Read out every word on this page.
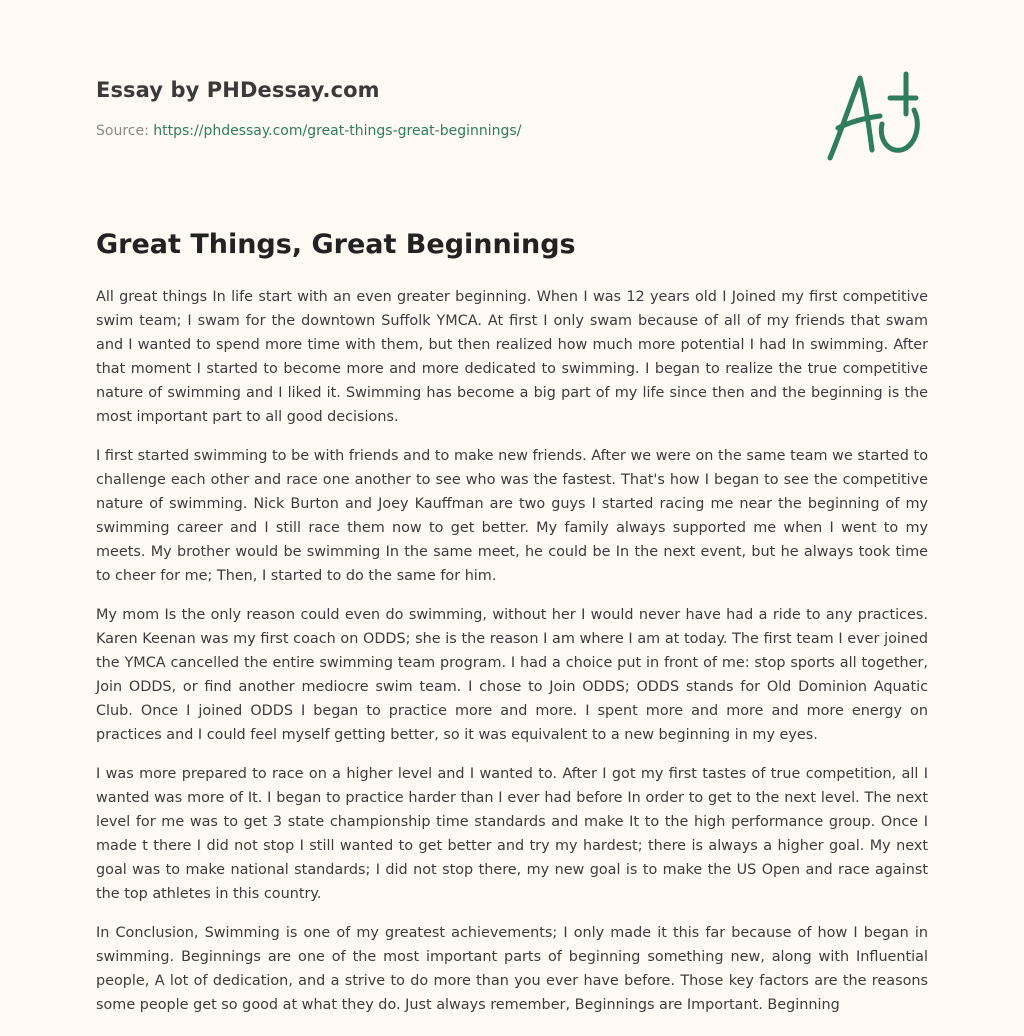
Essay by PHDessay.com

Source: https://phdessay.com/great-things-great-beginnings/
Great Things, Great Beginnings

All great things In life start with an even greater beginning. When I was 12 years old I Joined my first competitive swim team; I swam for the downtown Suffolk YMCA. At first I only swam because of all of my friends that swam and I wanted to spend more time with them, but then realized how much more potential I had In swimming. After that moment I started to become more and more dedicated to swimming. I began to realize the true competitive nature of swimming and I liked it. Swimming has become a big part of my life since then and the beginning is the most important part to all good decisions.

I first started swimming to be with friends and to make new friends. After we were on the same team we started to challenge each other and race one another to see who was the fastest. That's how I began to see the competitive nature of swimming. Nick Burton and Joey Kauffman are two guys I started racing me near the beginning of my swimming career and I still race them now to get better. My family always supported me when I went to my meets. My brother would be swimming In the same meet, he could be In the next event, but he always took time to cheer for me; Then, I started to do the same for him.

My mom Is the only reason could even do swimming, without her I would never have had a ride to any practices. Karen Keenan was my first coach on ODDS; she is the reason I am where I am at today. The first team I ever joined the YMCA cancelled the entire swimming team program. I had a choice put in front of me: stop sports all together, Join ODDS, or find another mediocre swim team. I chose to Join ODDS; ODDS stands for Old Dominion Aquatic Club. Once I joined ODDS I began to practice more and more. I spent more and more and more energy on practices and I could feel myself getting better, so it was equivalent to a new beginning in my eyes.

I was more prepared to race on a higher level and I wanted to. After I got my first tastes of true competition, all I wanted was more of It. I began to practice harder than I ever had before In order to get to the next level. The next level for me was to get 3 state championship time standards and make It to the high performance group. Once I made t there I did not stop I still wanted to get better and try my hardest; there is always a higher goal. My next goal was to make national standards; I did not stop there, my new goal is to make the US Open and race against the top athletes in this country.

In Conclusion, Swimming is one of my greatest achievements; I only made it this far because of how I began in swimming. Beginnings are one of the most important parts of beginning something new, along with Influential people, A lot of dedication, and a strive to do more than you ever have before. Those key factors are the reasons some people get so good at what they do. Just always remember, Beginnings are Important. Beginning
